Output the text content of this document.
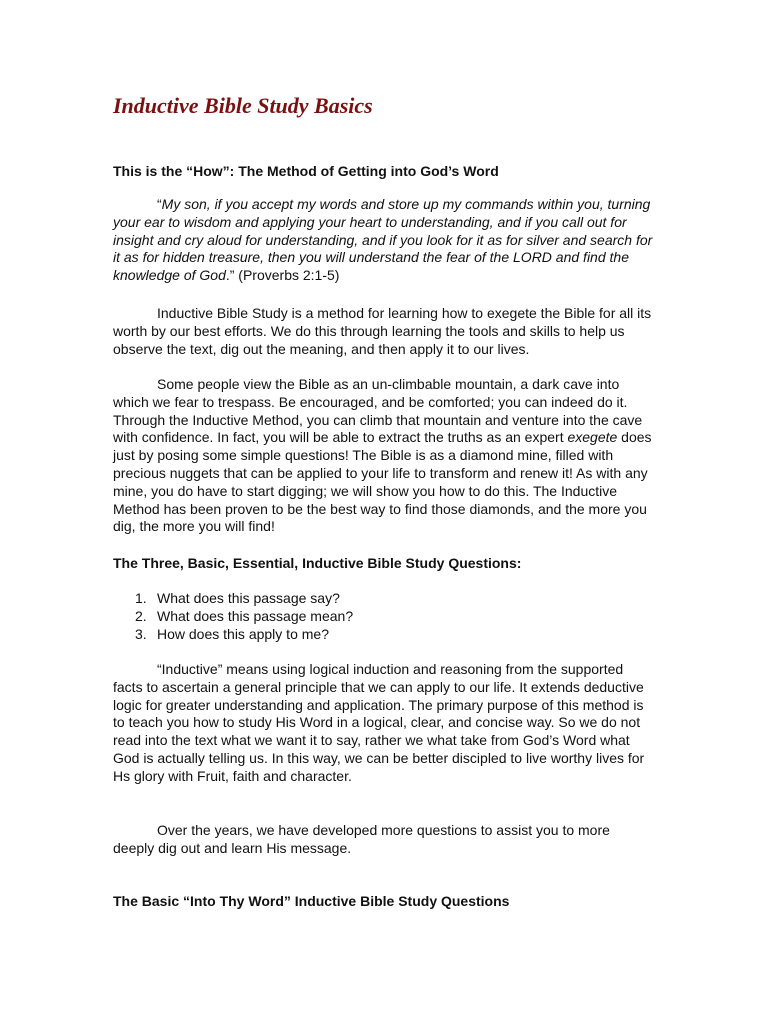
Inductive Bible Study Basics
This is the “How”: The Method of Getting into God’s Word

“My son, if you accept my words and store up my commands within you, turning your ear to wisdom and applying your heart to understanding, and if you call out for insight and cry aloud for understanding, and if you look for it as for silver and search for it as for hidden treasure, then you will understand the fear of the LORD and find the knowledge of God.” (Proverbs 2:1-5)

Inductive Bible Study is a method for learning how to exegete the Bible for all its worth by our best efforts. We do this through learning the tools and skills to help us observe the text, dig out the meaning, and then apply it to our lives.

Some people view the Bible as an un-climbable mountain, a dark cave into which we fear to trespass. Be encouraged, and be comforted; you can indeed do it. Through the Inductive Method, you can climb that mountain and venture into the cave with confidence. In fact, you will be able to extract the truths as an expert exegete does just by posing some simple questions! The Bible is as a diamond mine, filled with precious nuggets that can be applied to your life to transform and renew it! As with any mine, you do have to start digging; we will show you how to do this. The Inductive Method has been proven to be the best way to find those diamonds, and the more you dig, the more you will find!

The Three, Basic, Essential, Inductive Bible Study Questions:
1. What does this passage say?
2. What does this passage mean?
3. How does this apply to me?

“Inductive” means using logical induction and reasoning from the supported facts to ascertain a general principle that we can apply to our life. It extends deductive logic for greater understanding and application. The primary purpose of this method is to teach you how to study His Word in a logical, clear, and concise way. So we do not read into the text what we want it to say, rather we what take from God’s Word what God is actually telling us. In this way, we can be better discipled to live worthy lives for Hs glory with Fruit, faith and character.

Over the years, we have developed more questions to assist you to more deeply dig out and learn His message.

The Basic “Into Thy Word” Inductive Bible Study Questions
